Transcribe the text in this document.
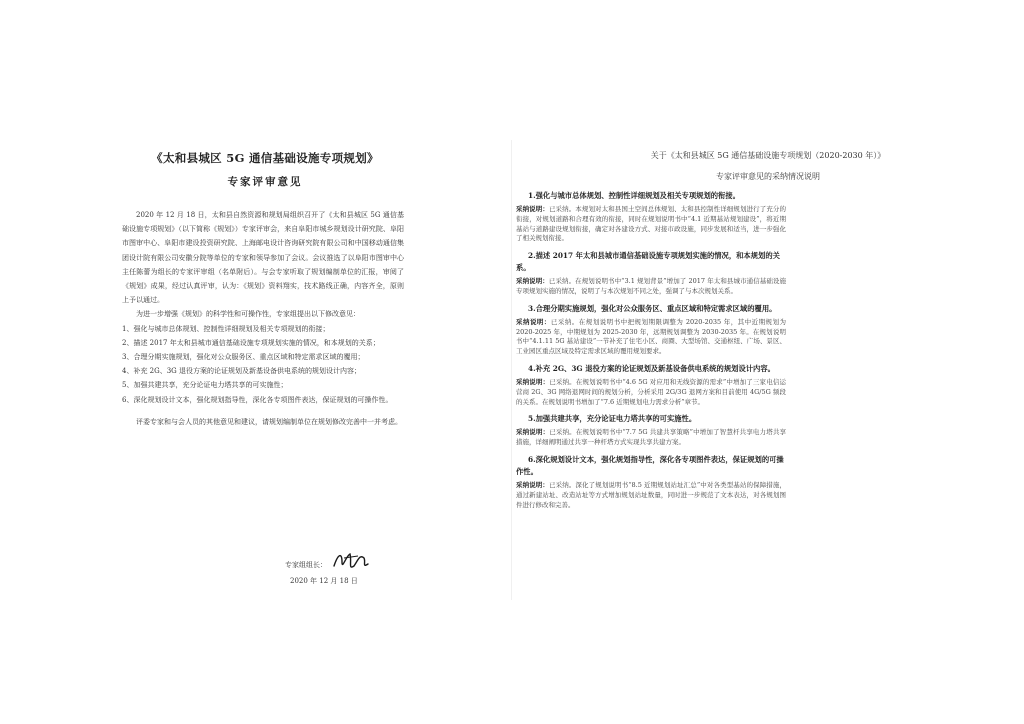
《太和县城区 5G 通信基础设施专项规划》
专家评审意见

2020 年 12 月 18 日，太和县自然资源和规划局组织召开了《太和县城区 5G 通信基础设施专项规划》（以下简称《规划》）专家评审会，来自阜阳市城乡规划设计研究院、阜阳市图审中心、阜阳市建设投资研究院、上海邮电设计咨询研究院有限公司和中国移动通信集团设计院有限公司安徽分院等单位的专家和领导参加了会议。会议推选了以阜阳市图审中心主任陈蕾为组长的专家评审组（名单附后）。与会专家听取了规划编制单位的汇报，审阅了《规划》成果，经过认真评审，认为：《规划》资料翔实，技术路线正确，内容齐全，原则上予以通过。

为进一步增强《规划》的科学性和可操作性，专家组提出以下修改意见：

1、强化与城市总体规划、控制性详细规划及相关专项规划的衔接；

2、描述 2017 年太和县城市通信基础设施专项规划实施的情况，和本规划的关系；

3、合理分期实施规划，强化对公众服务区、重点区域和特定需求区域的覆用；

4、补充 2G、3G 退役方案的论证规划及新基设备供电系统的规划设计内容；

5、加强共建共享，充分论证电力塔共享的可实施性；

6、深化规划设计文本，强化规划指导性，深化各专项图件表达，保证规划的可操作性。

评委专家和与会人员的其他意见和建议，请规划编制单位在规划修改完善中一并考虑。

专家组组长：
2020 年 12 月 18 日
关于《太和县城区 5G 通信基础设施专项规划（2020-2030 年）》
专家评审意见的采纳情况说明

1.强化与城市总体规划、控制性详细规划及相关专项规划的衔接。

采纳说明：已采纳。本规划对太和县国土空间总体规划、太和县控制性详细规划进行了充分的衔接，对规划道路和合理有效的衔接，同时在规划说明书中“4.1 近期基站规划建设”，将近期基站与道路建设规划衔接，确定对各建设方式、对接市政设施，同步发展和适当，进一步强化了相关规划衔接。

2.描述 2017 年太和县城市通信基础设施专项规划实施的情况，和本规划的关系。

采纳说明：已采纳。在规划说明书中“3.1 规划背景”增加了 2017 年太和县城市通信基础设施专项规划实施的情况，说明了与本次规划不同之处，强调了与本次规划关系。

3.合理分期实施规划，强化对公众服务区、重点区域和特定需求区域的覆用。

采纳说明：已采纳。在规划说明书中把规划期限调整为 2020-2035 年，其中近期规划为 2020-2025 年，中期规划为 2025-2030 年，远期规划调整为 2030-2035 年。在规划说明书中“4.1.11 5G 基站建设”一节补充了住宅小区、商圈、大型场馆、交通枢纽、广场、景区、工业园区重点区域及特定需求区域的覆用规划要求。

4.补充 2G、3G 退役方案的论证规划及新基设备供电系统的规划设计内容。

采纳说明：已采纳。在规划说明书中“4.6 5G 对应用和无线资源的需求”中增加了三家电信运营商 2G、3G 网络退网时间的规划分析，分析采用 2G/3G 退网方案和目前使用 4G/5G 频段的关系。在规划说明书增加了“7.6 近期规划电力需求分析”章节。

5.加强共建共享，充分论证电力塔共享的可实施性。

采纳说明：已采纳。在规划说明书中“7.7 5G 共建共享策略”中增加了智慧杆共享电力塔共享措施，详细阐明通过共享一种杆塔方式实现共享共建方案。

6.深化规划设计文本，强化规划指导性，深化各专项图件表达，保证规划的可操作性。

采纳说明：已采纳。深化了规划说明书“8.5 近期规划站址汇总”中对各类型基站的保障措施，通过新建站址、改造站址等方式增加规划站址数量，同时进一步规范了文本表达，对各规划图件进行修改和完善。
